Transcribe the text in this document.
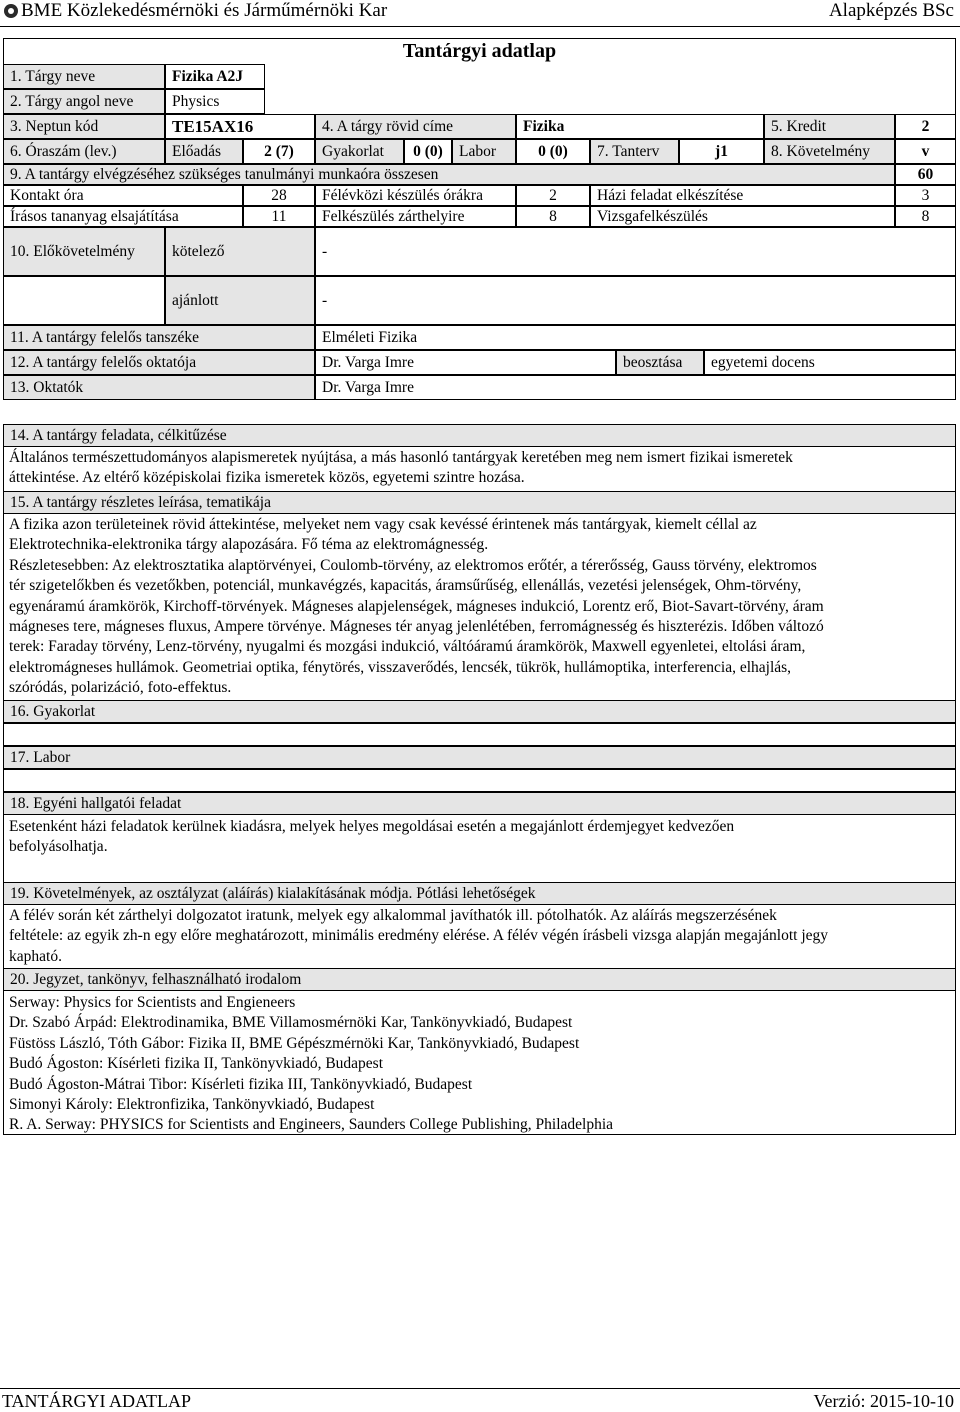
BME Közlekedésmérnöki és Járműmérnöki Kar	Alapképzés BSc
Tantárgyi adatlap
1. Tárgy neve	Fizika A2J
2. Tárgy angol neve	Physics
3. Neptun kód	TE15AX16	4. A tárgy rövid címe	Fizika	5. Kredit	2
6. Óraszám (lev.)	Előadás	2 (7)	Gyakorlat	0 (0)	Labor	0 (0)	7. Tanterv	j1	8. Követelmény	v
9. A tantárgy elvégzéséhez szükséges tanulmányi munkaóra összesen	60
Kontakt óra	28	Félévközi készülés órákra	2	Házi feladat elkészítése	3
Írásos tananyag elsajátítása	11	Felkészülés zárthelyire	8	Vizsgafelkészülés	8
10. Előkövetelmény	kötelező	-
ajánlott	-
11. A tantárgy felelős tanszéke	Elméleti Fizika
12. A tantárgy felelős oktatója	Dr. Varga Imre	beosztása	egyetemi docens
13. Oktatók	Dr. Varga Imre
14. A tantárgy feladata, célkitűzése
Általános természettudományos alapismeretek nyújtása, a más hasonló tantárgyak keretében meg nem ismert fizikai ismeretek
áttekintése. Az eltérő középiskolai fizika ismeretek közös, egyetemi szintre hozása.
15. A tantárgy részletes leírása, tematikája
A fizika azon területeinek rövid áttekintése, melyeket nem vagy csak kevéssé érintenek más tantárgyak, kiemelt céllal az
Elektrotechnika-elektronika tárgy alapozására. Fő téma az elektromágnesség.
Részletesebben: Az elektrosztatika alaptörvényei, Coulomb-törvény, az elektromos erőtér, a térerősség, Gauss törvény, elektromos
tér szigetelőkben és vezetőkben, potenciál, munkavégzés, kapacitás, áramsűrűség, ellenállás, vezetési jelenségek, Ohm-törvény,
egyenáramú áramkörök, Kirchoff-törvények. Mágneses alapjelenségek, mágneses indukció, Lorentz erő, Biot-Savart-törvény, áram
mágneses tere, mágneses fluxus, Ampere törvénye. Mágneses tér anyag jelenlétében, ferromágnesség és hiszterézis. Időben változó
terek: Faraday törvény, Lenz-törvény, nyugalmi és mozgási indukció, váltóáramú áramkörök, Maxwell egyenletei, eltolási áram,
elektromágneses hullámok. Geometriai optika, fénytörés, visszaverődés, lencsék, tükrök, hullámoptika, interferencia, elhajlás,
szóródás, polarizáció, foto-effektus.
16. Gyakorlat
17. Labor
18. Egyéni hallgatói feladat
Esetenként házi feladatok kerülnek kiadásra, melyek helyes megoldásai esetén a megajánlott érdemjegyet kedvezően
befolyásolhatja.
19. Követelmények, az osztályzat (aláírás) kialakításának módja. Pótlási lehetőségek
A félév során két zárthelyi dolgozatot iratunk, melyek egy alkalommal javíthatók ill. pótolhatók. Az aláírás megszerzésének
feltétele: az egyik zh-n egy előre meghatározott, minimális eredmény elérése. A félév végén írásbeli vizsga alapján megajánlott jegy
kapható.
20. Jegyzet, tankönyv, felhasználható irodalom
Serway: Physics for Scientists and Engieneers
Dr. Szabó Árpád: Elektrodinamika, BME Villamosmérnöki Kar, Tankönyvkiadó, Budapest
Füstöss László, Tóth Gábor: Fizika II, BME Gépészmérnöki Kar, Tankönyvkiadó, Budapest
Budó Ágoston: Kísérleti fizika II, Tankönyvkiadó, Budapest
Budó Ágoston-Mátrai Tibor: Kísérleti fizika III, Tankönyvkiadó, Budapest
Simonyi Károly: Elektronfizika, Tankönyvkiadó, Budapest
R. A. Serway: PHYSICS for Scientists and Engineers, Saunders College Publishing, Philadelphia
TANTÁRGYI ADATLAP	Verzió: 2015-10-10
